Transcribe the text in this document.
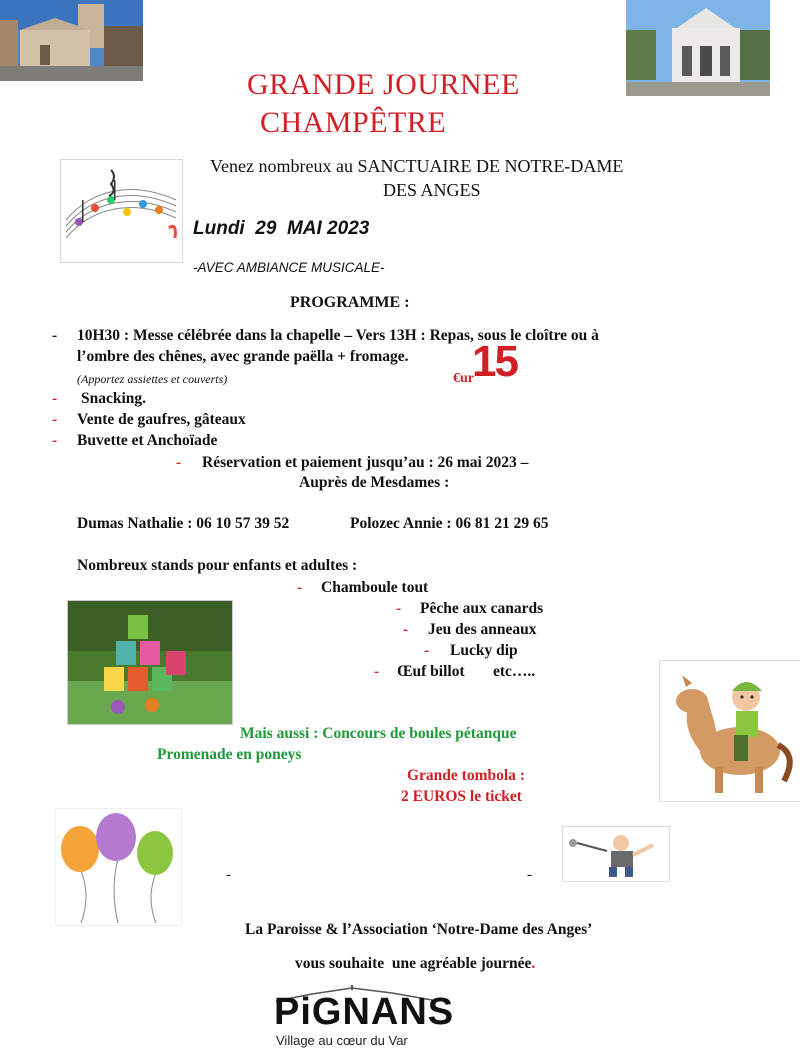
GRANDE JOURNEE
CHAMPÊTRE
Venez nombreux au SANCTUAIRE DE NOTRE-DAME
DES ANGES
Lundi  29  MAI 2023
-AVEC AMBIANCE MUSICALE-
PROGRAMME :
- 10H30 : Messe célébrée dans la chapelle – Vers 13H : Repas, sous le cloître ou à
l’ombre des chênes, avec grande paëlla + fromage.
(Apportez assiettes et couverts)	€ur
15
- Snacking.
- Vente de gaufres, gâteaux
- Buvette et Anchoïade
- Réservation et paiement jusqu’au : 26 mai 2023 –
Auprès de Mesdames :
Dumas Nathalie : 06 10 57 39 52	Polozec Annie : 06 81 21 29 65
Nombreux stands pour enfants et adultes :
- Chamboule tout
- Pêche aux canards
- Jeu des anneaux
- Lucky dip
- Œuf billot etc…..
Mais aussi : Concours de boules pétanque
Promenade en poneys
Grande tombola :
2 EUROS le ticket
-	-
La Paroisse & l’Association ‘Notre-Dame des Anges’
vous souhaite  une agréable journée.
PiGNANS
Village au cœur du Var
